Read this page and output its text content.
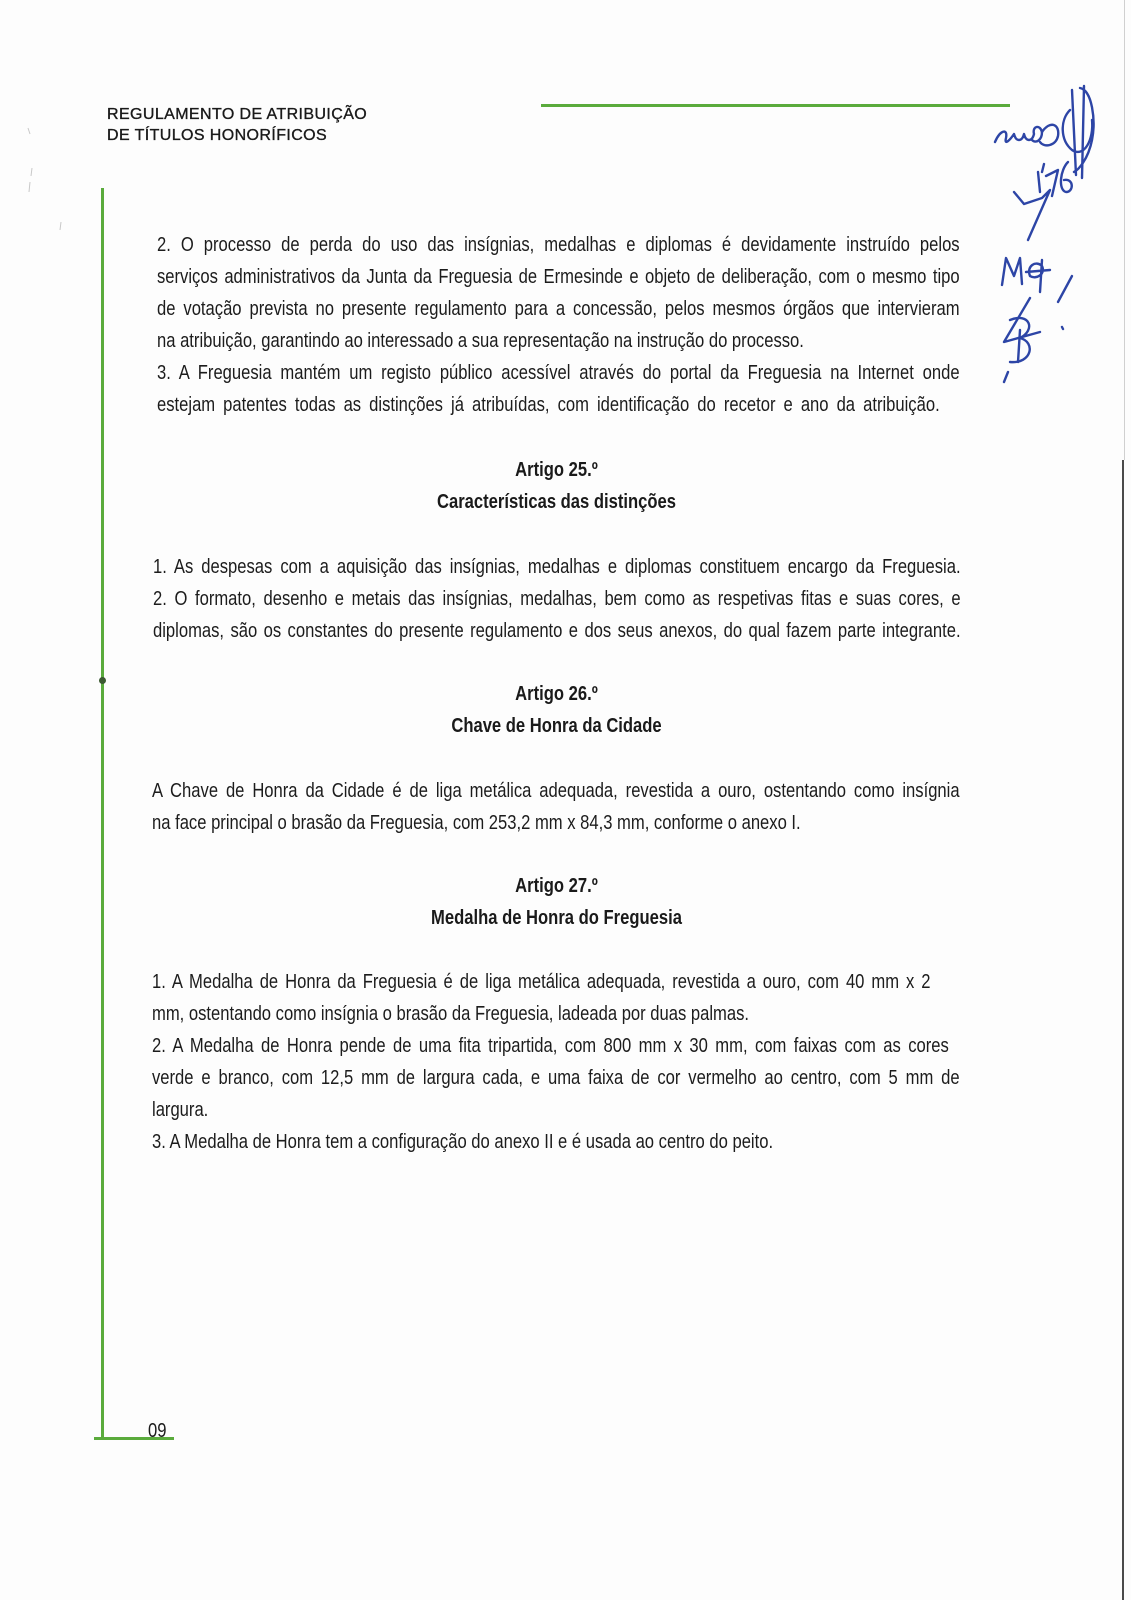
REGULAMENTO DE ATRIBUIÇÃO
DE TÍTULOS HONORÍFICOS
2. O processo de perda do uso das insígnias, medalhas e diplomas é devidamente instruído pelos
serviços administrativos da Junta da Freguesia de Ermesinde e objeto de deliberação, com o mesmo tipo
de votação prevista no presente regulamento para a concessão, pelos mesmos órgãos que intervieram
na atribuição, garantindo ao interessado a sua representação na instrução do processo.
3. A Freguesia mantém um registo público acessível através do portal da Freguesia na Internet onde
estejam patentes todas as distinções já atribuídas, com identificação do recetor e ano da atribuição.
Artigo 25.º
Características das distinções
1. As despesas com a aquisição das insígnias, medalhas e diplomas constituem encargo da Freguesia.
2. O formato, desenho e metais das insígnias, medalhas, bem como as respetivas fitas e suas cores, e
diplomas, são os constantes do presente regulamento e dos seus anexos, do qual fazem parte integrante.
Artigo 26.º
Chave de Honra da Cidade
A Chave de Honra da Cidade é de liga metálica adequada, revestida a ouro, ostentando como insígnia
na face principal o brasão da Freguesia, com 253,2 mm x 84,3 mm, conforme o anexo I.
Artigo 27.º
Medalha de Honra do Freguesia
1. A Medalha de Honra da Freguesia é de liga metálica adequada, revestida a ouro, com 40 mm x 2
mm, ostentando como insígnia o brasão da Freguesia, ladeada por duas palmas.
2. A Medalha de Honra pende de uma fita tripartida, com 800 mm x 30 mm, com faixas com as cores
verde e branco, com 12,5 mm de largura cada, e uma faixa de cor vermelho ao centro, com 5 mm de
largura.
3. A Medalha de Honra tem a configuração do anexo II e é usada ao centro do peito.
09
